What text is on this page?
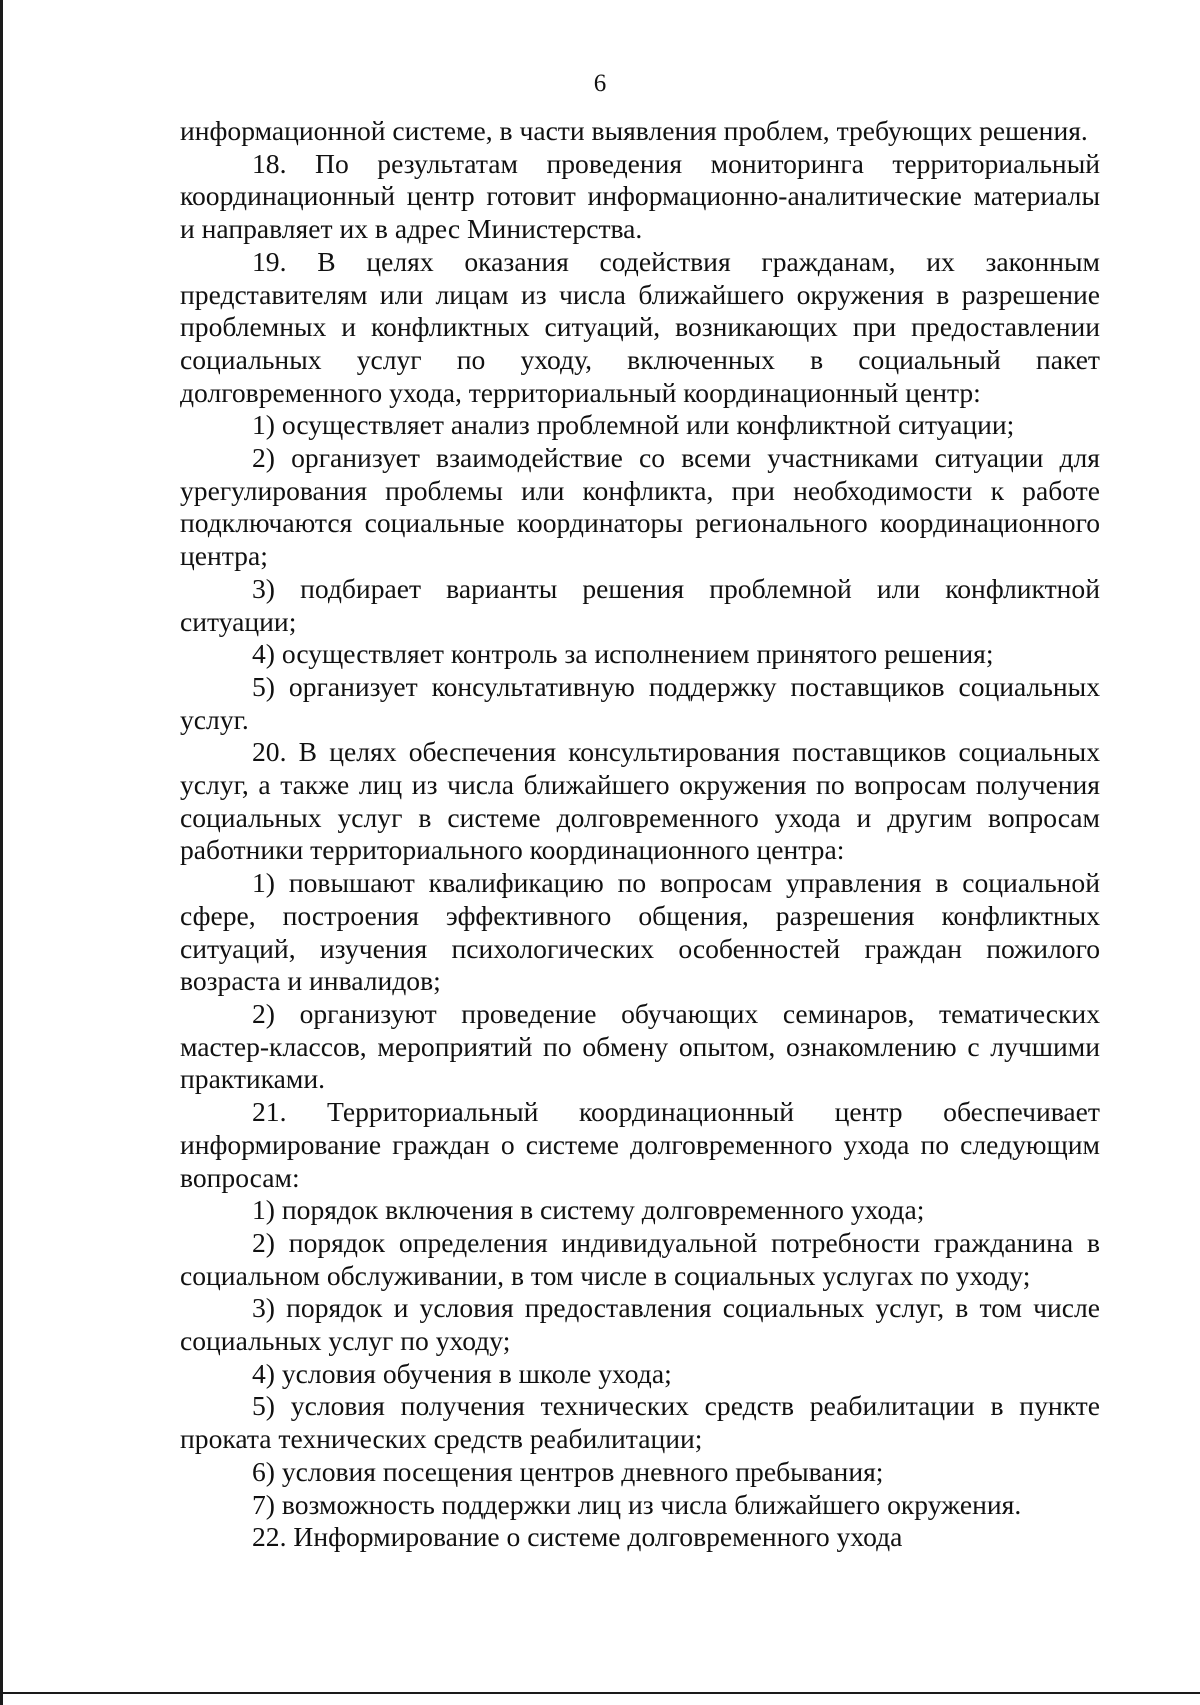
6

информационной системе, в части выявления проблем, требующих решения.

18. По результатам проведения мониторинга территориальный координационный центр готовит информационно-аналитические материалы и направляет их в адрес Министерства.

19. В целях оказания содействия гражданам, их законным представителям или лицам из числа ближайшего окружения в разрешение проблемных и конфликтных ситуаций, возникающих при предоставлении социальных услуг по уходу, включенных в социальный пакет долговременного ухода, территориальный координационный центр:

1) осуществляет анализ проблемной или конфликтной ситуации;

2) организует взаимодействие со всеми участниками ситуации для урегулирования проблемы или конфликта, при необходимости к работе подключаются социальные координаторы регионального координационного центра;

3) подбирает варианты решения проблемной или конфликтной ситуации;

4) осуществляет контроль за исполнением принятого решения;

5) организует консультативную поддержку поставщиков социальных услуг.

20. В целях обеспечения консультирования поставщиков социальных услуг, а также лиц из числа ближайшего окружения по вопросам получения социальных услуг в системе долговременного ухода и другим вопросам работники территориального координационного центра:

1) повышают квалификацию по вопросам управления в социальной сфере, построения эффективного общения, разрешения конфликтных ситуаций, изучения психологических особенностей граждан пожилого возраста и инвалидов;

2) организуют проведение обучающих семинаров, тематических мастер-классов, мероприятий по обмену опытом, ознакомлению с лучшими практиками.

21. Территориальный координационный центр обеспечивает информирование граждан о системе долговременного ухода по следующим вопросам:

1) порядок включения в систему долговременного ухода;

2) порядок определения индивидуальной потребности гражданина в социальном обслуживании, в том числе в социальных услугах по уходу;

3) порядок и условия предоставления социальных услуг, в том числе социальных услуг по уходу;

4) условия обучения в школе ухода;

5) условия получения технических средств реабилитации в пункте проката технических средств реабилитации;

6) условия посещения центров дневного пребывания;

7) возможность поддержки лиц из числа ближайшего окружения.

22. Информирование о системе долговременного ухода
